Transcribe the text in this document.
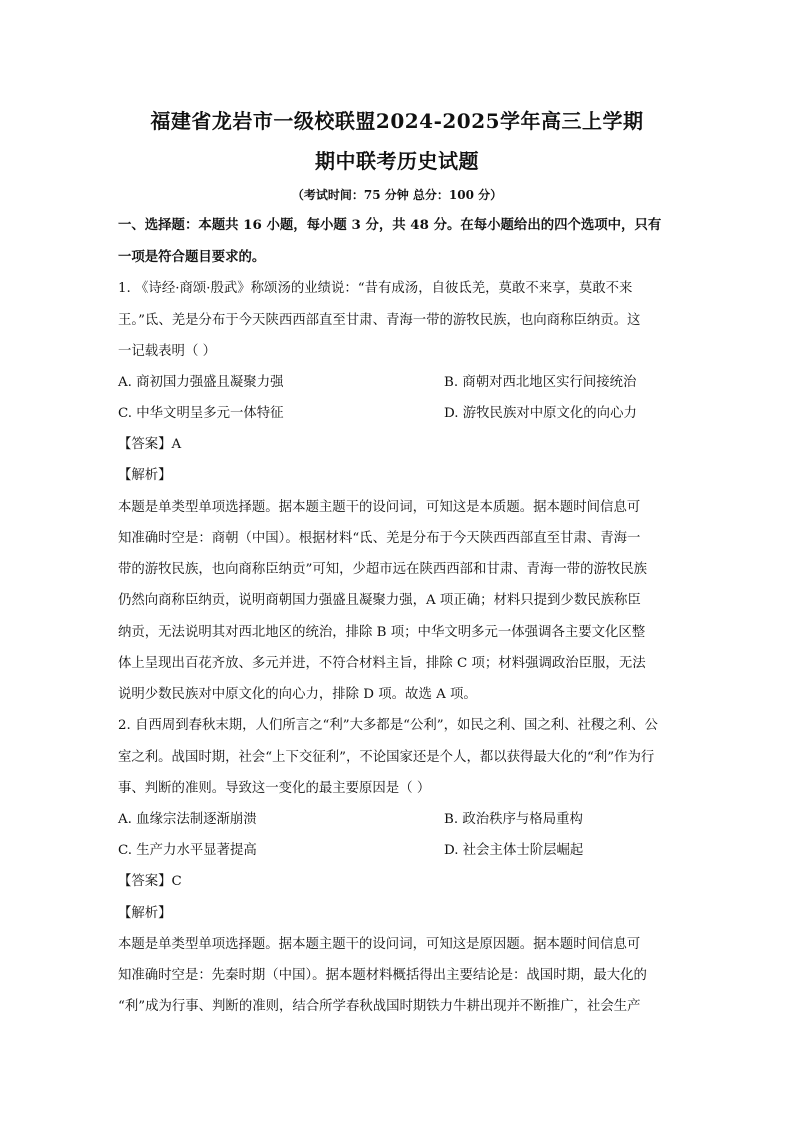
福建省龙岩市一级校联盟2024-2025学年高三上学期
期中联考历史试题
（考试时间：75 分钟 总分：100 分）
一、选择题：本题共 16 小题，每小题 3 分，共 48 分。在每小题给出的四个选项中，只有
一项是符合题目要求的。
1. 《诗经·商颂·殷武》称颂汤的业绩说：“昔有成汤，自彼氐羌，莫敢不来享，莫敢不来
王。”氐、羌是分布于今天陕西西部直至甘肃、青海一带的游牧民族，也向商称臣纳贡。这
一记载表明（ ）
A. 商初国力强盛且凝聚力强	B. 商朝对西北地区实行间接统治
C. 中华文明呈多元一体特征	D. 游牧民族对中原文化的向心力
【答案】A
【解析】
本题是单类型单项选择题。据本题主题干的设问词，可知这是本质题。据本题时间信息可
知准确时空是：商朝（中国）。根据材料“氐、羌是分布于今天陕西西部直至甘肃、青海一
带的游牧民族，也向商称臣纳贡”可知，少超市远在陕西西部和甘肃、青海一带的游牧民族
仍然向商称臣纳贡，说明商朝国力强盛且凝聚力强，A 项正确；材料只提到少数民族称臣
纳贡，无法说明其对西北地区的统治，排除 B 项；中华文明多元一体强调各主要文化区整
体上呈现出百花齐放、多元并进，不符合材料主旨，排除 C 项；材料强调政治臣服，无法
说明少数民族对中原文化的向心力，排除 D 项。故选 A 项。
2. 自西周到春秋末期，人们所言之“利”大多都是“公利”，如民之利、国之利、社稷之利、公
室之利。战国时期，社会“上下交征利”，不论国家还是个人，都以获得最大化的“利”作为行
事、判断的准则。导致这一变化的最主要原因是（ ）
A. 血缘宗法制逐渐崩溃	B. 政治秩序与格局重构
C. 生产力水平显著提高	D. 社会主体士阶层崛起
【答案】C
【解析】
本题是单类型单项选择题。据本题主题干的设问词，可知这是原因题。据本题时间信息可
知准确时空是：先秦时期（中国）。据本题材料概括得出主要结论是：战国时期，最大化的
“利”成为行事、判断的准则，结合所学春秋战国时期铁力牛耕出现并不断推广，社会生产
